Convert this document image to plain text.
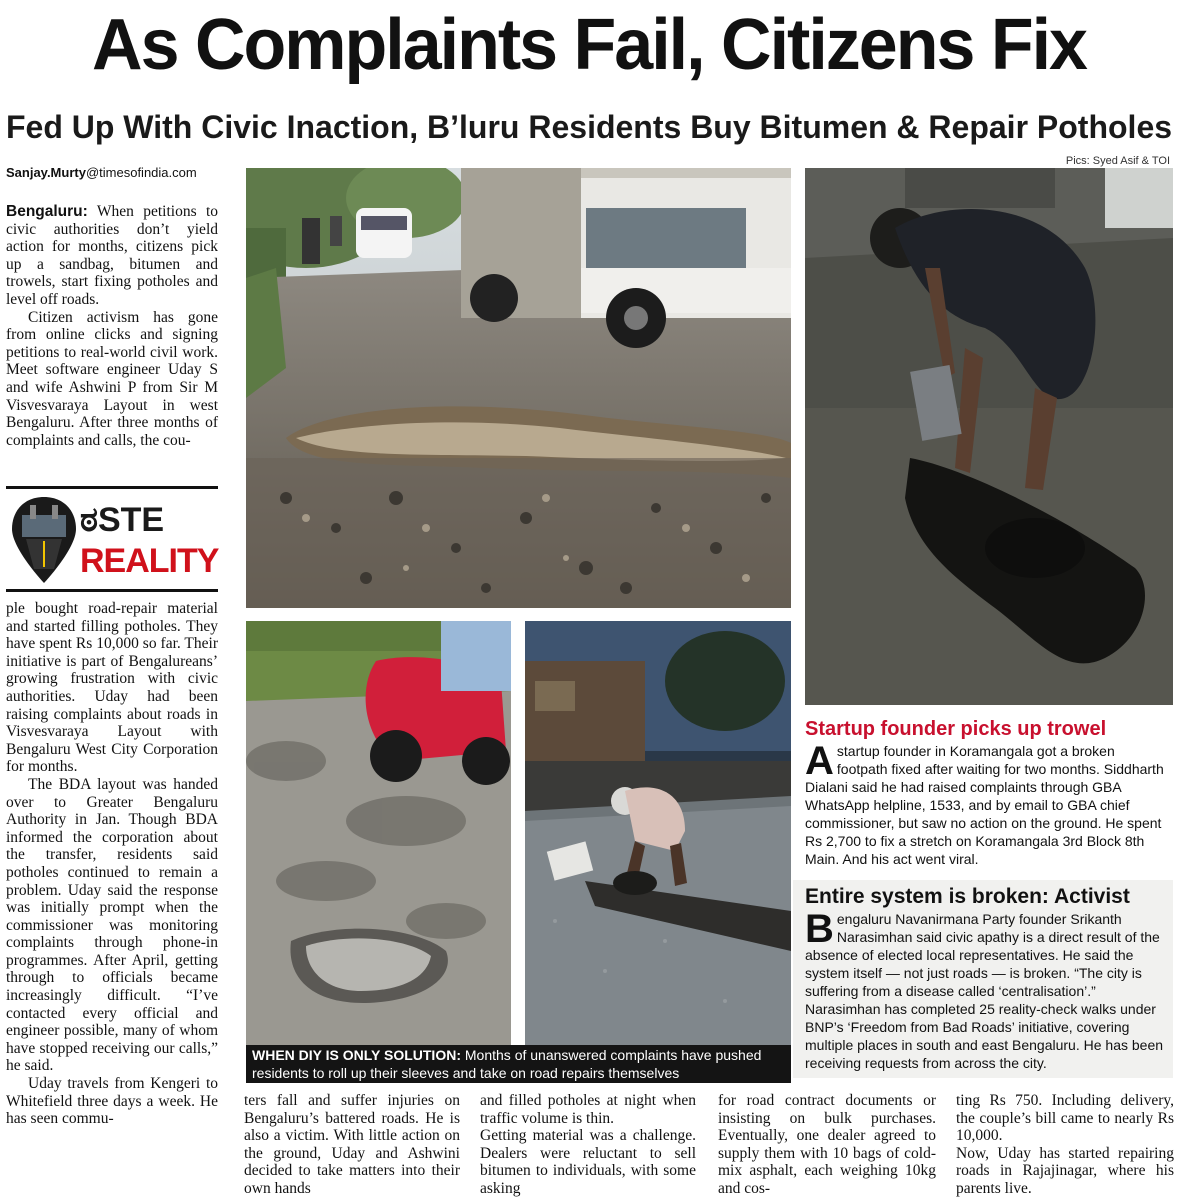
As Complaints Fail, Citizens Fix
Fed Up With Civic Inaction, B’luru Residents Buy Bitumen & Repair Potholes
Pics: Syed Asif & TOI
Sanjay.Murty@timesofindia.com

Bengaluru: When petitions to civic authorities don’t yield action for months, citizens pick up a sandbag, bitumen and trowels, start fixing potholes and level off roads.

Citizen activism has gone from online clicks and signing petitions to real-world civil work. Meet software engineer Uday S and wife Ashwini P from Sir M Visvesvaraya Layout in west Bengaluru. After three months of complaints and calls, the cou-

ಠSTE
REALITY

ple bought road-repair material and started filling potholes. They have spent Rs 10,000 so far. Their initiative is part of Bengalureans’ growing frustration with civic authorities. Uday had been raising complaints about roads in Visvesvaraya Layout with Bengaluru West City Corporation for months.

The BDA layout was handed over to Greater Bengaluru Authority in Jan. Though BDA informed the corporation about the transfer, residents said potholes continued to remain a problem. Uday said the response was initially prompt when the commissioner was monitoring complaints through phone-in programmes. After April, getting through to officials became increasingly difficult. “I’ve contacted every official and engineer possible, many of whom have stopped receiving our calls,” he said.

Uday travels from Kengeri to Whitefield three days a week. He has seen commu-

WHEN DIY IS ONLY SOLUTION: Months of unanswered complaints have pushed residents to roll up their sleeves and take on road repairs themselves
Startup founder picks up trowel
Astartup founder in Koramangala got a broken footpath fixed after waiting for two months. Siddharth Dialani said he had raised complaints through GBA WhatsApp helpline, 1533, and by email to GBA chief commissioner, but saw no action on the ground. He spent Rs 2,700 to fix a stretch on Koramangala 3rd Block 8th Main. And his act went viral.
Entire system is broken: Activist
Bengaluru Navanirmana Party founder Srikanth Narasimhan said civic apathy is a direct result of the absence of elected local representatives. He said the system itself — not just roads — is broken. “The city is suffering from a disease called ‘centralisation’.” Narasimhan has completed 25 reality-check walks under BNP’s ‘Freedom from Bad Roads’ initiative, covering multiple places in south and east Bengaluru. He has been receiving requests from across the city.
ters fall and suffer injuries on Bengaluru’s battered roads. He is also a victim. With little action on the ground, Uday and Ashwini decided to take matters into their own hands
and filled potholes at night when traffic volume is thin.
Getting material was a challenge. Dealers were reluctant to sell bitumen to individuals, with some asking
for road contract documents or insisting on bulk purchases. Eventually, one dealer agreed to supply them with 10 bags of cold-mix asphalt, each weighing 10kg and cos-
ting Rs 750. Including delivery, the couple’s bill came to nearly Rs 10,000.
Now, Uday has started repairing roads in Rajajinagar, where his parents live.
